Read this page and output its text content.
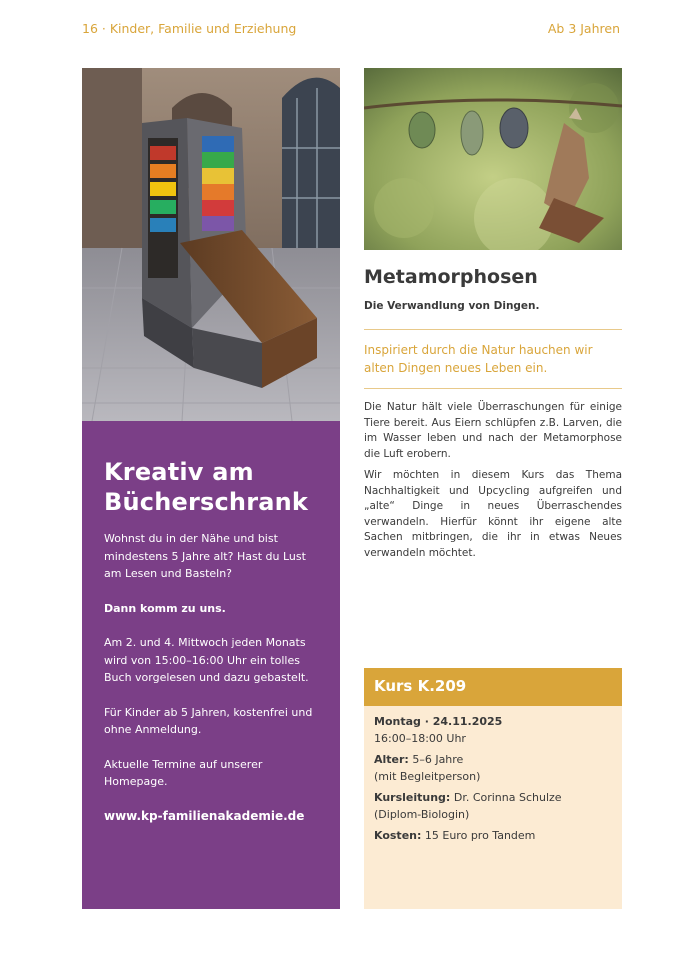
16 · Kinder, Familie und Erziehung	Ab 3 Jahren
Kreativ am Bücherschrank

Wohnst du in der Nähe und bist mindestens 5 Jahre alt? Hast du Lust am Lesen und Basteln?

Dann komm zu uns.

Am 2. und 4. Mittwoch jeden Monats wird von 15:00–16:00 Uhr ein tolles Buch vorgelesen und dazu gebastelt.

Für Kinder ab 5 Jahren, kostenfrei und ohne Anmeldung.

Aktuelle Termine auf unserer Homepage.

www.kp-familienakademie.de

Metamorphosen

Die Verwandlung von Dingen.

Inspiriert durch die Natur hauchen wir alten Dingen neues Leben ein.

Die Natur hält viele Überraschungen für einige Tiere bereit. Aus Eiern schlüpfen z.B. Larven, die im Wasser leben und nach der Metamorphose die Luft erobern.

Wir möchten in diesem Kurs das Thema Nachhaltigkeit und Upcycling aufgreifen und „alte“ Dinge in neues Überraschendes verwandeln. Hierfür könnt ihr eigene alte Sachen mitbringen, die ihr in etwas Neues verwandeln möchtet.

Kurs K.209
Montag · 24.11.2025
16:00–18:00 Uhr
Alter: 5–6 Jahre
(mit Begleitperson)
Kursleitung: Dr. Corinna Schulze
(Diplom-Biologin)
Kosten: 15 Euro pro Tandem
